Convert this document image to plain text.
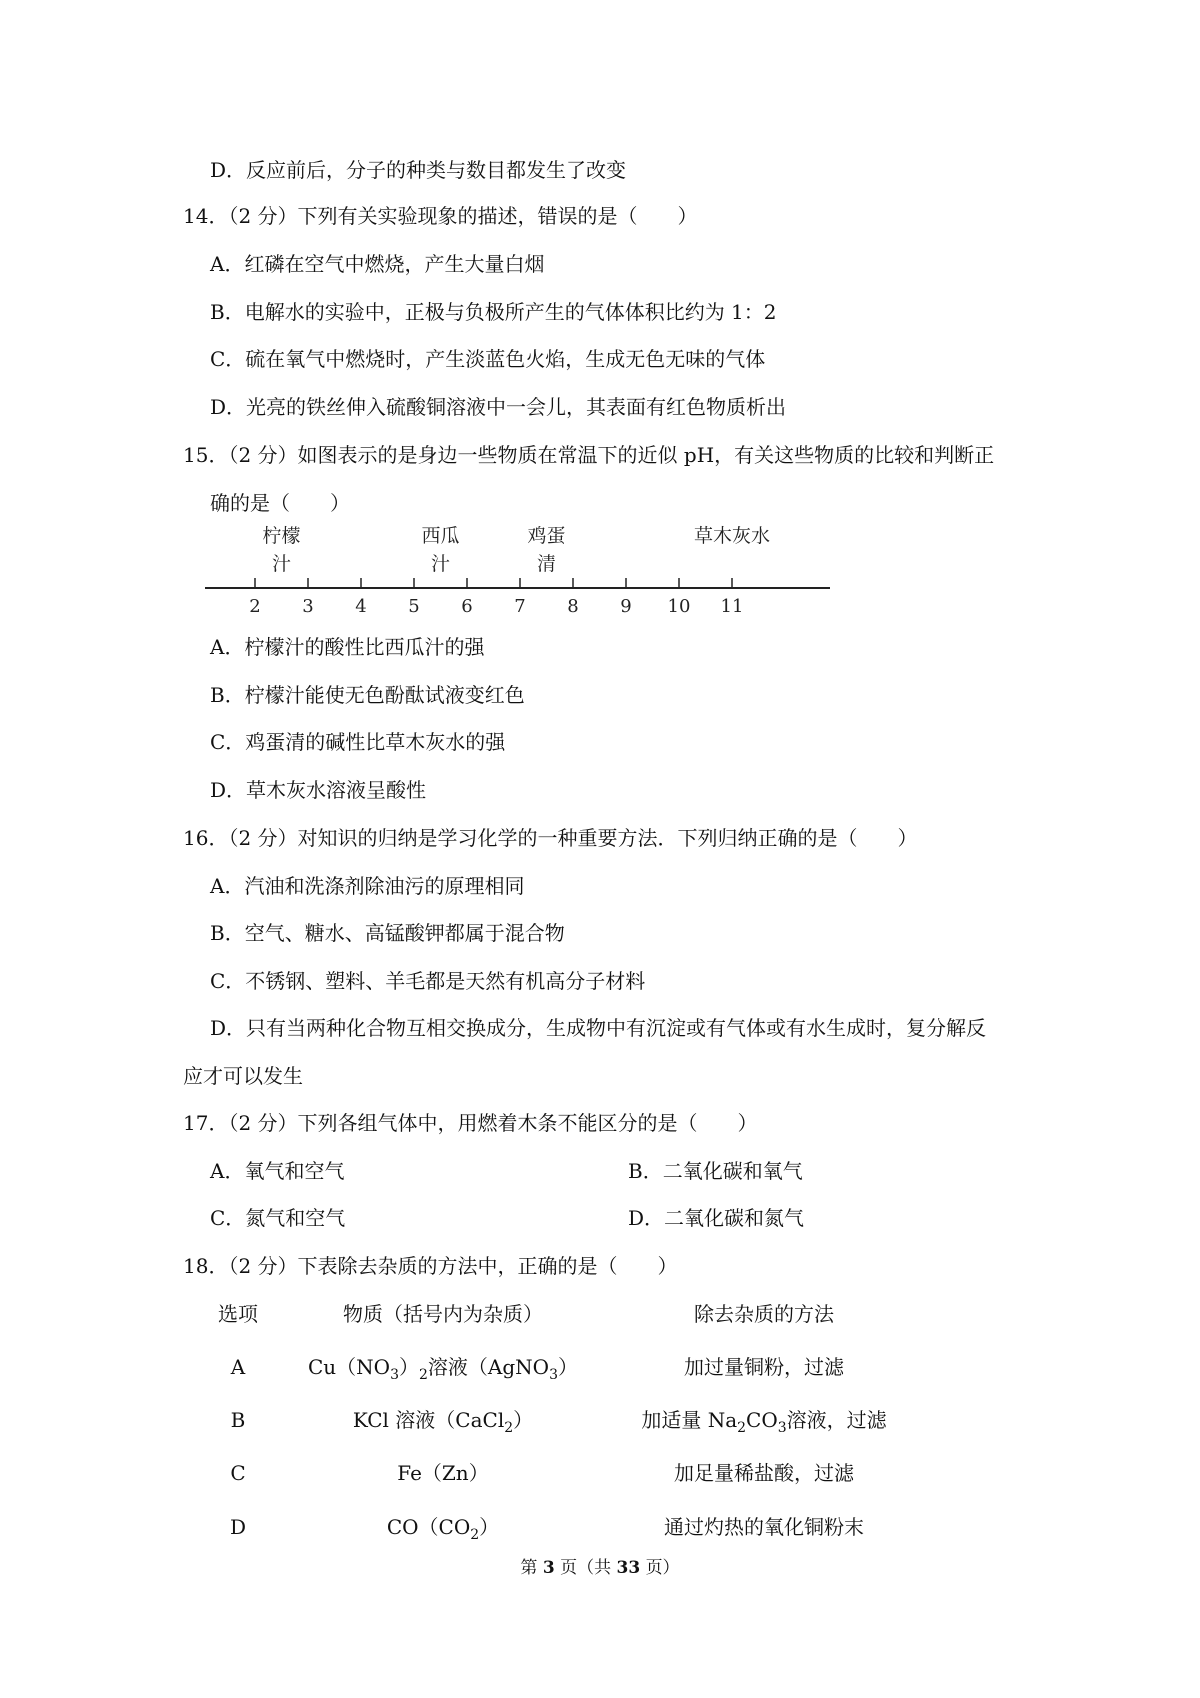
D．反应前后，分子的种类与数目都发生了改变
14．（2 分）下列有关实验现象的描述，错误的是（　　）
A．红磷在空气中燃烧，产生大量白烟
B．电解水的实验中，正极与负极所产生的气体体积比约为 1：2
C．硫在氧气中燃烧时，产生淡蓝色火焰，生成无色无味的气体
D．光亮的铁丝伸入硫酸铜溶液中一会儿，其表面有红色物质析出
15．（2 分）如图表示的是身边一些物质在常温下的近似 pH，有关这些物质的比较和判断正
确的是（　　）
2 3 4 5 6 7 8 9 10 11
柠檬
汁
西瓜
汁
鸡蛋
清
草木灰水
A．柠檬汁的酸性比西瓜汁的强
B．柠檬汁能使无色酚酞试液变红色
C．鸡蛋清的碱性比草木灰水的强
D．草木灰水溶液呈酸性
16．（2 分）对知识的归纳是学习化学的一种重要方法．下列归纳正确的是（　　）
A．汽油和洗涤剂除油污的原理相同
B．空气、糖水、高锰酸钾都属于混合物
C．不锈钢、塑料、羊毛都是天然有机高分子材料
D．只有当两种化合物互相交换成分，生成物中有沉淀或有气体或有水生成时，复分解反
应才可以发生
17．（2 分）下列各组气体中，用燃着木条不能区分的是（　　）
A．氧气和空气	B．二氧化碳和氧气
C．氮气和空气	D．二氧化碳和氮气
18．（2 分）下表除去杂质的方法中，正确的是（　　）
选项	物质（括号内为杂质）	除去杂质的方法
A	$Cu(NO_3)_2$溶液（AgNO$_3$）	加过量铜粉，过滤
B	KCl 溶液（CaCl$_2$）	加适量 $Na_2CO_3$溶液，过滤
C	Fe（Zn）	加足量稀盐酸，过滤
D	$CO(CO_2)$	通过灼热的氧化铜粉末
第 3 页（共 33 页）
